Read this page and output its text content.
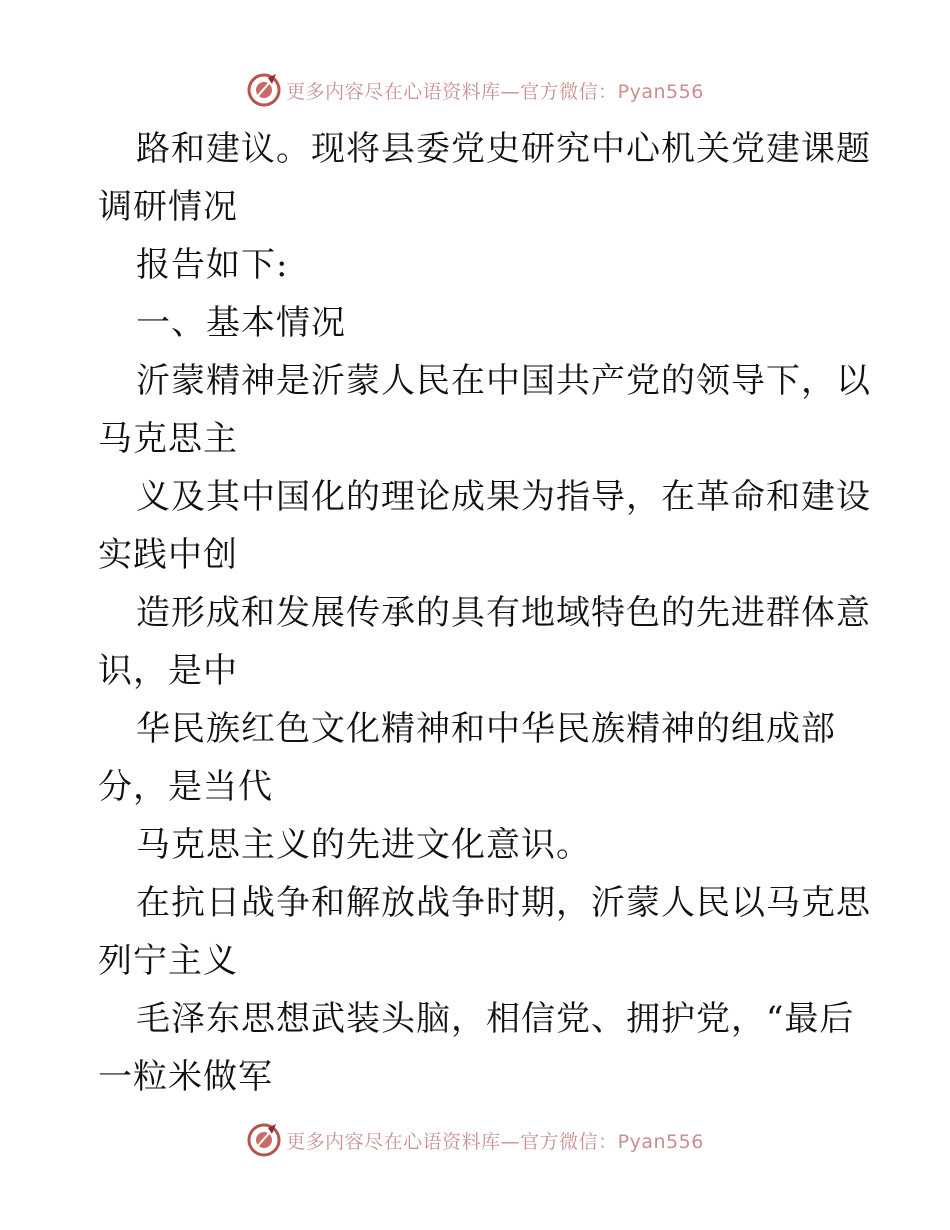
更多内容尽在心语资料库—官方微信：Pyan556
路和建议。现将县委党史研究中心机关党建课题
调研情况
报告如下:
一、基本情况
沂蒙精神是沂蒙人民在中国共产党的领导下，以
马克思主
义及其中国化的理论成果为指导，在革命和建设
实践中创
造形成和发展传承的具有地域特色的先进群体意
识，是中
华民族红色文化精神和中华民族精神的组成部
分，是当代
马克思主义的先进文化意识。
在抗日战争和解放战争时期，沂蒙人民以马克思
列宁主义
毛泽东思想武装头脑，相信党、拥护党，“最后
一粒米做军
更多内容尽在心语资料库—官方微信：Pyan556
